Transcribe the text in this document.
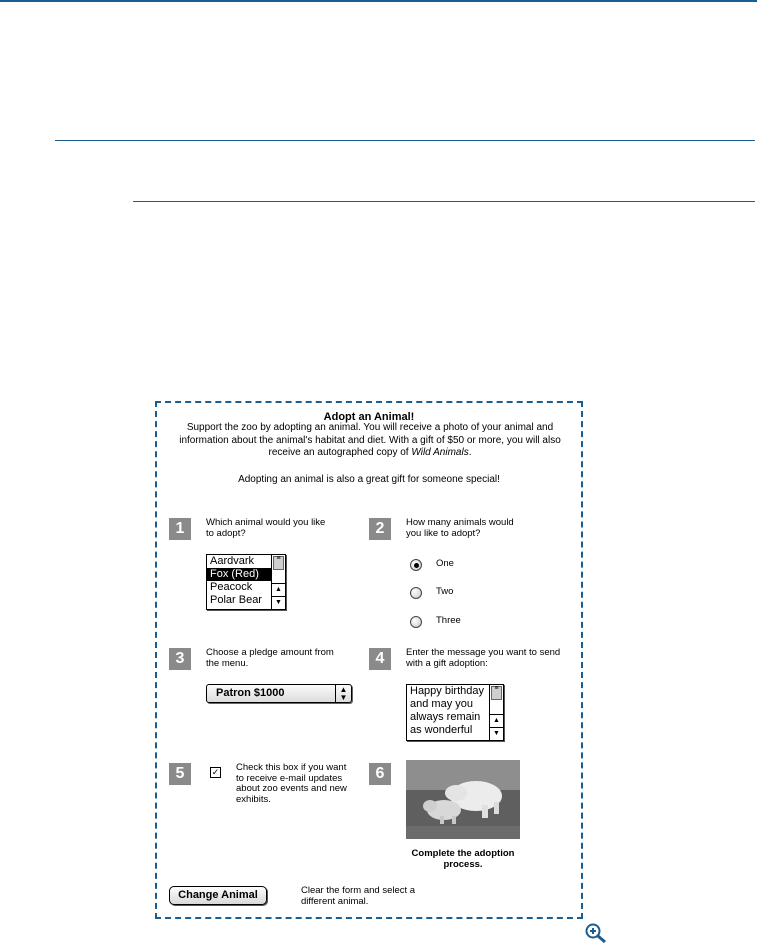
Adopt an Animal!
Support the zoo by adopting an animal. You will receive a photo of your animal and information about the animal's habitat and diet. With a gift of $50 or more, you will also receive an autographed copy of Wild Animals.
Adopting an animal is also a great gift for someone special!
1	Which animal would you like to adopt?
Aardvark
Fox (Red)
Peacock
Polar Bear
≡
▲
▼
2	How many animals would you like to adopt?
One
Two
Three
3	Choose a pledge amount from the menu.
Patron $1000	▲
▼
4	Enter the message you want to send with a gift adoption:
Happy birthday
and may you
always remain
as wonderful
≡
▲
▼
5	✓ Check this box if you want to receive e-mail updates about zoo events and new exhibits.
6
Complete the adoption process.
Change Animal	Clear the form and select a different animal.
